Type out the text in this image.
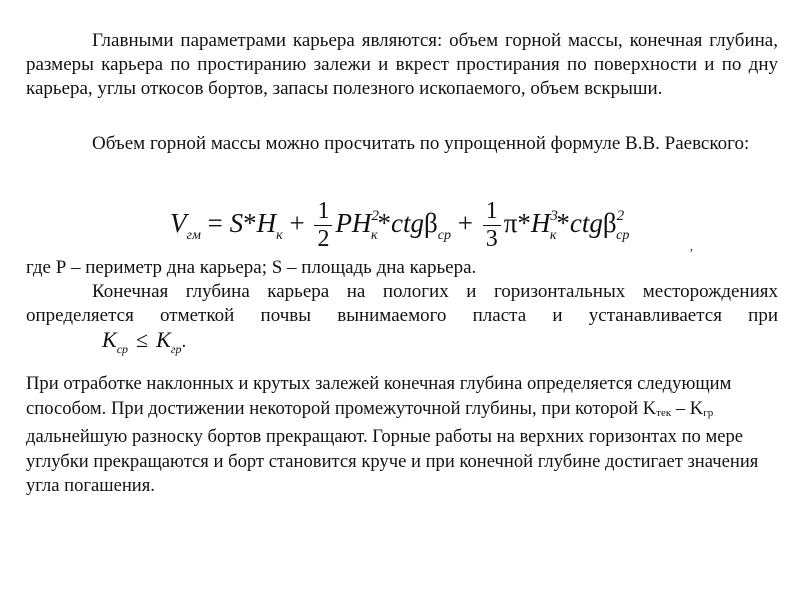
Главными параметрами карьера являются: объем горной массы, конечная глубина, размеры карьера по простиранию залежи и вкрест простирания по поверхности и по дну карьера, углы откосов бортов, запасы полезного ископаемого, объем вскрыши.

Объем горной массы можно просчитать по упрощенной формуле В.В. Раевского:

$V_{гм} = S*H_к + \frac{1}{2} PH^2_к*ctg\beta_{ср} + \frac{1}{3} \pi*H^3_к*ctg\beta^2_{ср}$
,
где Р – периметр дна карьера; S – площадь дна карьера.
Конечная глубина карьера на пологих и горизонтальных месторождениях определяется отметкой почвы вынимаемого пласта и устанавливается при $K_{ср} \le K_{гр}$.

При отработке наклонных и крутых залежей конечная глубина определяется следующим способом. При достижении некоторой промежуточной глубины, при которой Kтек – Kгр дальнейшую разноску бортов прекращают. Горные работы на верхних горизонтах по мере углубки прекращаются и борт становится круче и при конечной глубине достигает значения угла погашения.
